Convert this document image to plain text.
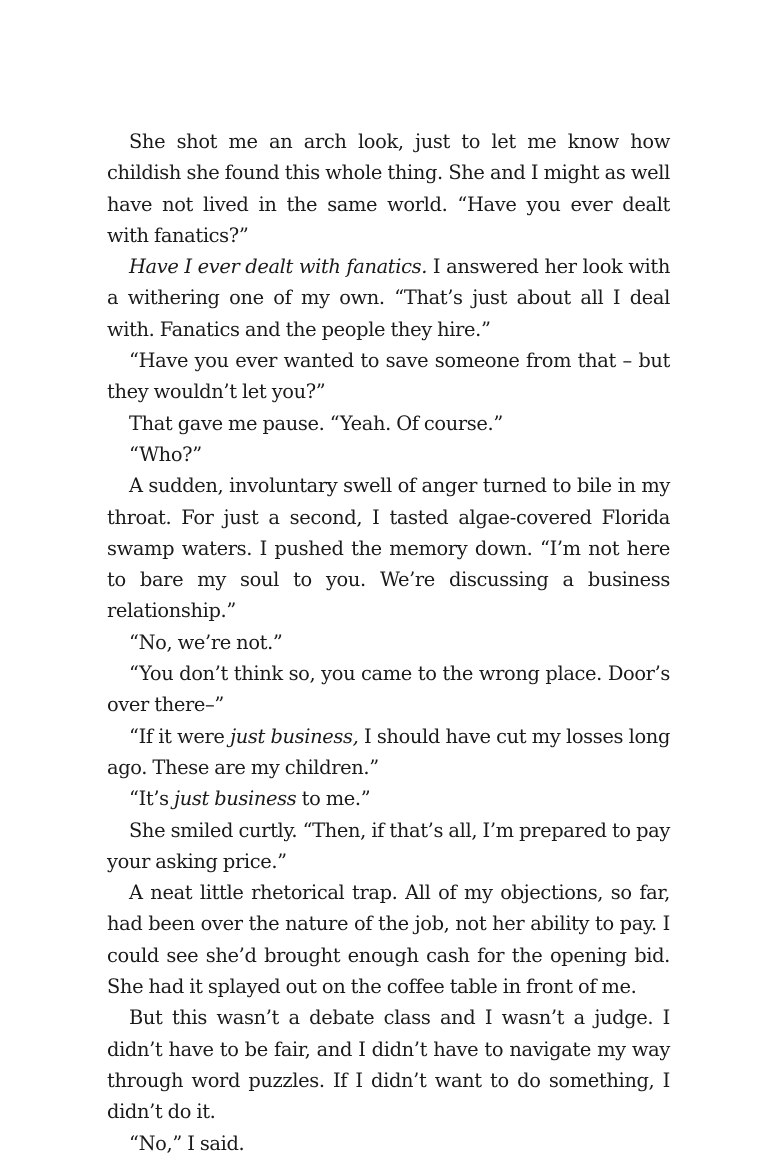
She shot me an arch look, just to let me know how childish she found this whole thing. She and I might as well have not lived in the same world. “Have you ever dealt with fanatics?”

Have I ever dealt with fanatics. I answered her look with a withering one of my own. “That’s just about all I deal with. Fanatics and the people they hire.”

“Have you ever wanted to save someone from that – but they wouldn’t let you?”

That gave me pause. “Yeah. Of course.”

“Who?”

A sudden, involuntary swell of anger turned to bile in my throat. For just a second, I tasted algae-covered Florida swamp waters. I pushed the memory down. “I’m not here to bare my soul to you. We’re discussing a business relationship.”

“No, we’re not.”

“You don’t think so, you came to the wrong place. Door’s over there–”

“If it were just business, I should have cut my losses long ago. These are my children.”

“It’s just business to me.”

She smiled curtly. “Then, if that’s all, I’m prepared to pay your asking price.”

A neat little rhetorical trap. All of my objections, so far, had been over the nature of the job, not her ability to pay. I could see she’d brought enough cash for the opening bid. She had it splayed out on the coffee table in front of me.

But this wasn’t a debate class and I wasn’t a judge. I didn’t have to be fair, and I didn’t have to navigate my way through word puzzles. If I didn’t want to do something, I didn’t do it.

“No,” I said.
